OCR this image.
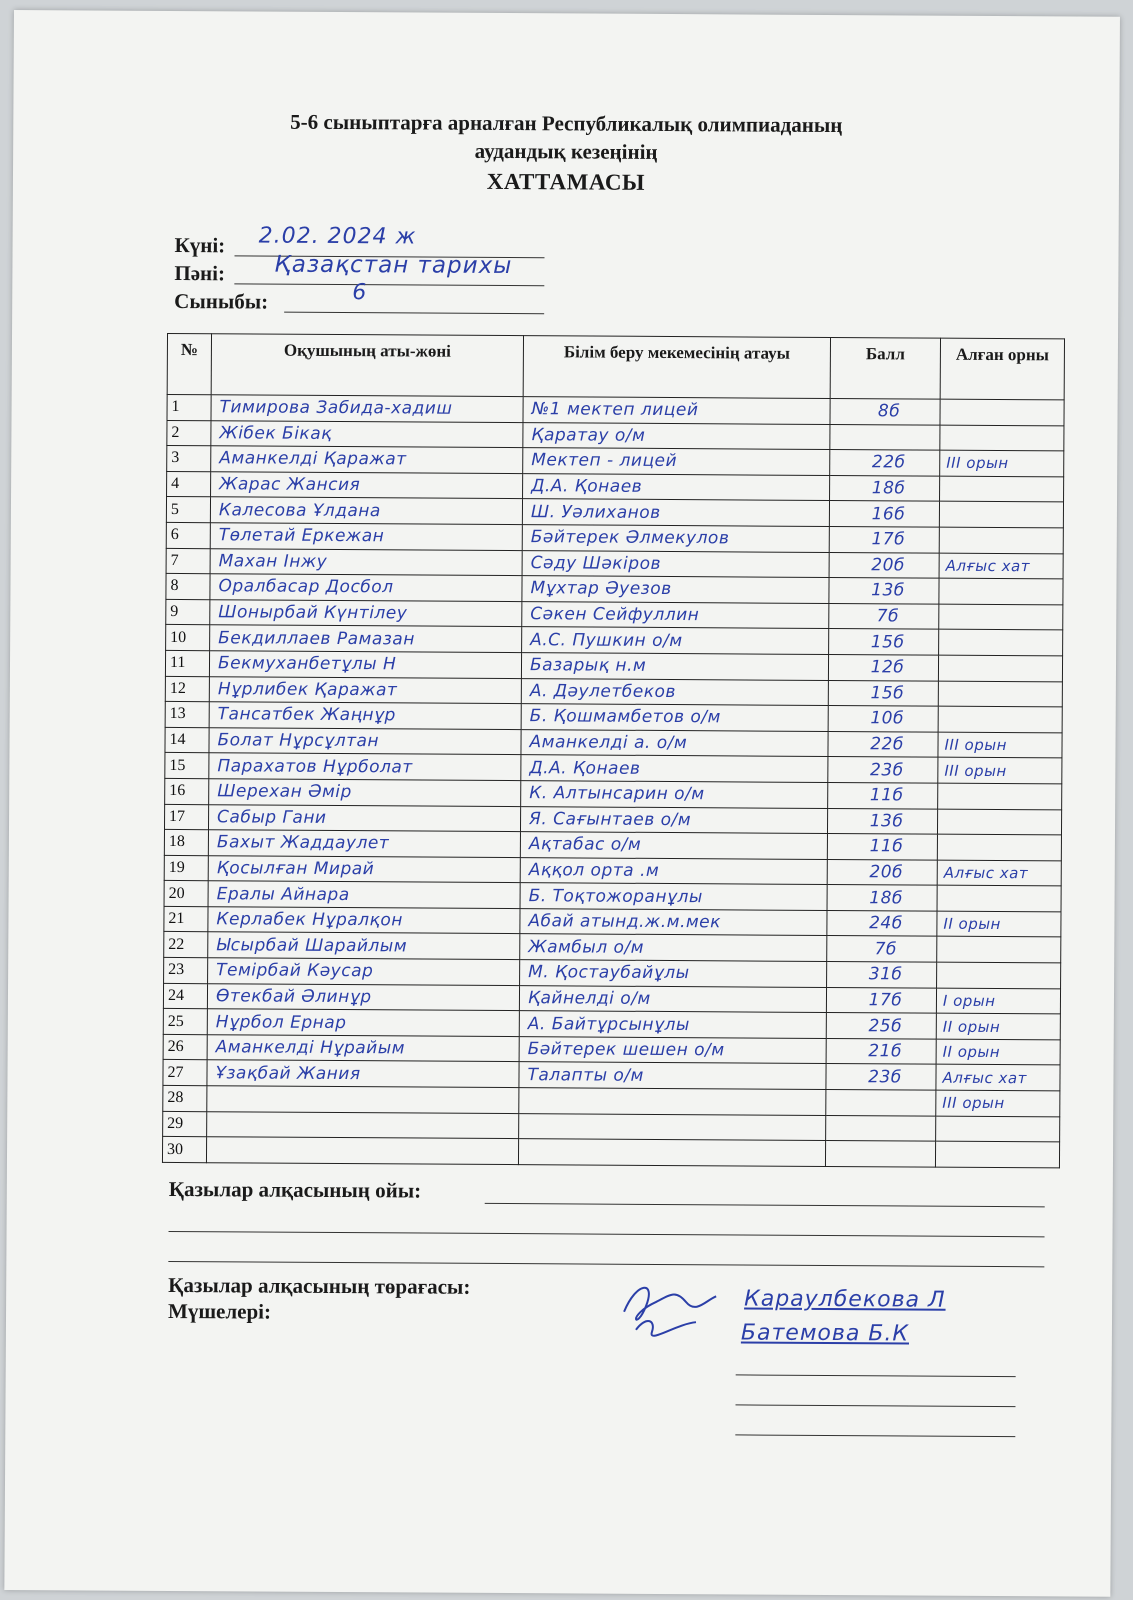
5-6 сыныптарға арналған Республикалық олимпиаданың
аудандық кезеңінің
ХАТТАМАСЫ
Күні: 2.02. 2024 ж
Пәні: Қазақстан тарихы
Сыныбы:	6
№	Оқушының аты-жөні	Білім беру мекемесінің атауы	Балл	Алған орны
1	Тимирова Забида-хадиш	№1 мектеп лицей	8б	
2	Жібек Бікақ	Қаратау о/м		
3	Аманкелді Қаражат	Мектеп - лицей	22б	III орын
4	Жарас Жансия	Д.А. Қонаев	18б	
5	Калесова Ұлдана	Ш. Уәлиханов	16б	
6	Төлетай Еркежан	Бәйтерек Әлмекулов	17б	
7	Махан Інжу	Сәду Шәкіров	20б	Алғыс хат
8	Оралбасар Досбол	Мұхтар Әуезов	13б	
9	Шонырбай Күнтілеу	Сәкен Сейфуллин	7б	
10	Бекдиллаев Рамазан	А.С. Пушкин о/м	15б	
11	Бекмуханбетұлы Н	Базарық н.м	12б	
12	Нұрлибек Қаражат	А. Дәулетбеков	15б	
13	Тансатбек Жаңнұр	Б. Қошмамбетов о/м	10б	
14	Болат Нұрсұлтан	Аманкелді а. о/м	22б	III орын
15	Парахатов Нұрболат	Д.А. Қонаев	23б	III орын
16	Шерехан Әмір	К. Алтынсарин о/м	11б	
17	Сабыр Гани	Я. Сағынтаев о/м	13б	
18	Бахыт Жаддаулет	Ақтабас о/м	11б	
19	Қосылған Мирай	Аққол орта .м	20б	Алғыс хат
20	Ералы Айнара	Б. Тоқтожоранұлы	18б	
21	Керлабек Нұралқон	Абай атынд.ж.м.мек	24б	II орын
22	Ысырбай Шарайлым	Жамбыл о/м	7б	
23	Темірбай Кәусар	М. Қостаубайұлы	31б	
24	Өтекбай Әлинұр	Қайнелді о/м	17б	I орын
25	Нұрбол Ернар	А. Байтұрсынұлы	25б	II орын
26	Аманкелді Нұрайым	Бәйтерек шешен о/м	21б	II орын
27	Ұзақбай Жания	Талапты о/м	23б	Алғыс хат
28				III орын
29				
30				
Қазылар алқасының ойы:
Қазылар алқасының төрағасы:
Мүшелері:	Караулбекова Л
Батемова Б.К
